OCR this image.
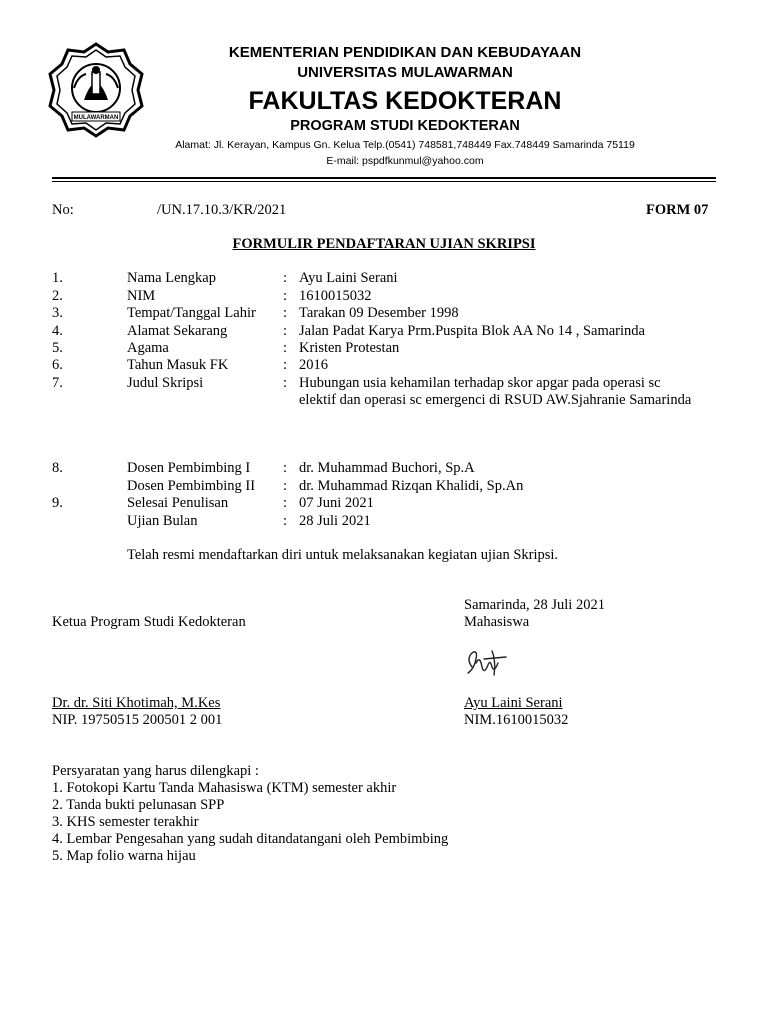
MULAWARMAN
KEMENTERIAN PENDIDIKAN DAN KEBUDAYAAN
UNIVERSITAS MULAWARMAN
FAKULTAS KEDOKTERAN
PROGRAM STUDI KEDOKTERAN
Alamat: Jl. Kerayan, Kampus Gn. Kelua Telp.(0541) 748581,748449 Fax.748449 Samarinda 75119
E-mail: pspdfkunmul@yahoo.com
No:	/UN.17.10.3/KR/2021	FORM 07
FORMULIR PENDAFTARAN UJIAN SKRIPSI
1.	Nama Lengkap	: Ayu Laini Serani
2.	NIM	: 1610015032
3.	Tempat/Tanggal Lahir : Tarakan 09 Desember 1998
4.	Alamat Sekarang	: Jalan Padat Karya Prm.Puspita Blok AA No 14 , Samarinda
5.	Agama	: Kristen Protestan
6.	Tahun Masuk FK	: 2016
7.	Judul Skripsi	: Hubungan usia kehamilan terhadap skor apgar pada operasi sc elektif dan operasi sc emergenci di RSUD AW.Sjahranie Samarinda
8.	Dosen Pembimbing I : dr. Muhammad Buchori, Sp.A
Dosen Pembimbing II : dr. Muhammad Rizqan Khalidi, Sp.An
9.	Selesai Penulisan	: 07 Juni 2021
Ujian Bulan	: 28 Juli 2021
Telah resmi mendaftarkan diri untuk melaksanakan kegiatan ujian Skripsi.
Samarinda, 28 Juli 2021
Ketua Program Studi Kedokteran	Mahasiswa
Dr. dr. Siti Khotimah, M.Kes
NIP. 19750515 200501 2 001
Ayu Laini Serani
NIM.1610015032
Persyaratan yang harus dilengkapi :
1. Fotokopi Kartu Tanda Mahasiswa (KTM) semester akhir
2. Tanda bukti pelunasan SPP
3. KHS semester terakhir
4. Lembar Pengesahan yang sudah ditandatangani oleh Pembimbing
5. Map folio warna hijau
